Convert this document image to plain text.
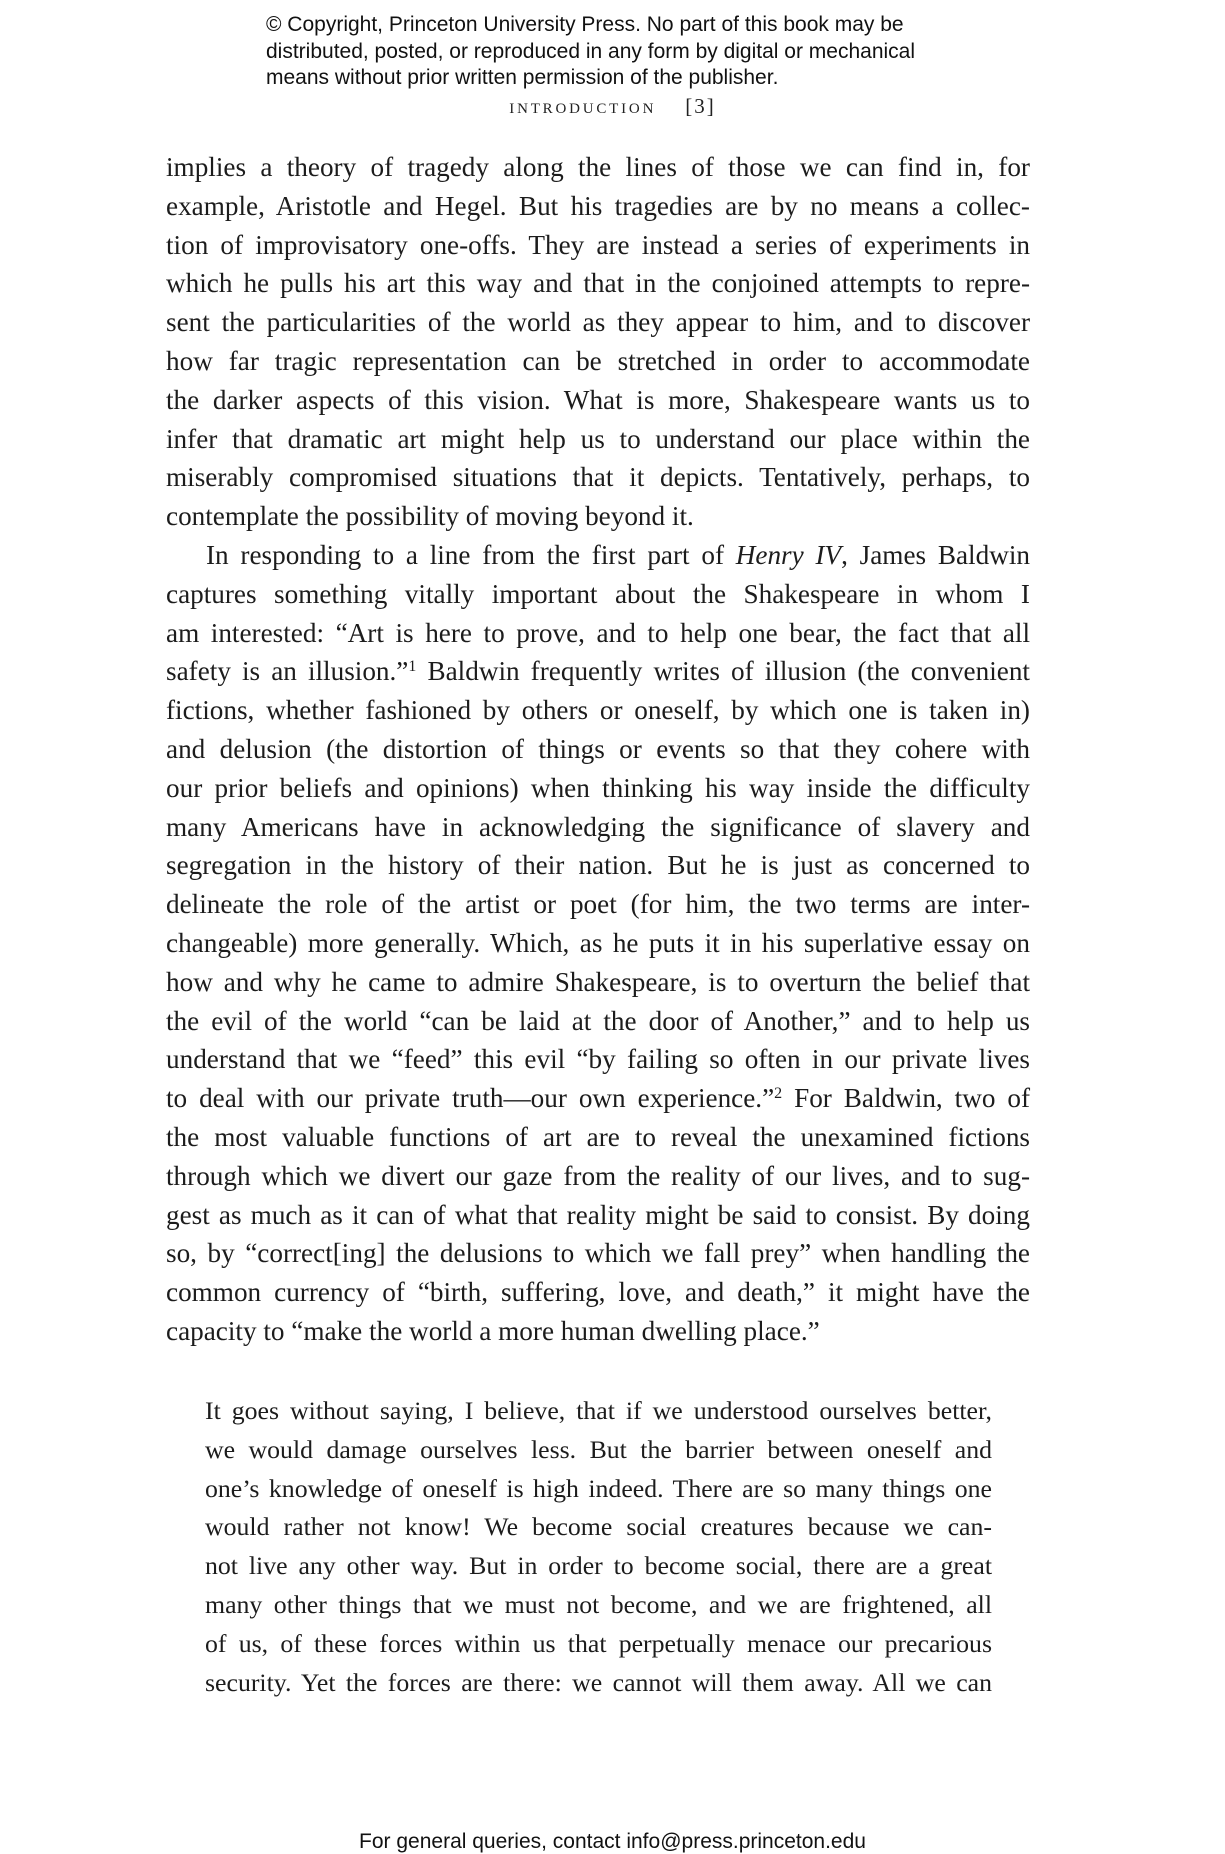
© Copyright, Princeton University Press. No part of this book may be
distributed, posted, or reproduced in any form by digital or mechanical
means without prior written permission of the publisher.
introduction [3]
implies a theory of tragedy along the lines of those we can find in, for
example, Aristotle and Hegel. But his tragedies are by no means a collec-
tion of improvisatory one-offs. They are instead a series of experiments in
which he pulls his art this way and that in the conjoined attempts to repre-
sent the particularities of the world as they appear to him, and to discover
how far tragic representation can be stretched in order to accommodate
the darker aspects of this vision. What is more, Shakespeare wants us to
infer that dramatic art might help us to understand our place within the
miserably compromised situations that it depicts. Tentatively, perhaps, to
contemplate the possibility of moving beyond it.
In responding to a line from the first part of Henry IV, James Baldwin
captures something vitally important about the Shakespeare in whom I
am interested: “Art is here to prove, and to help one bear, the fact that all
safety is an illusion.”$^1$ Baldwin frequently writes of illusion (the convenient
fictions, whether fashioned by others or oneself, by which one is taken in)
and delusion (the distortion of things or events so that they cohere with
our prior beliefs and opinions) when thinking his way inside the difficulty
many Americans have in acknowledging the significance of slavery and
segregation in the history of their nation. But he is just as concerned to
delineate the role of the artist or poet (for him, the two terms are inter-
changeable) more generally. Which, as he puts it in his superlative essay on
how and why he came to admire Shakespeare, is to overturn the belief that
the evil of the world “can be laid at the door of Another,” and to help us
understand that we “feed” this evil “by failing so often in our private lives
to deal with our private truth—our own experience.”$^2$ For Baldwin, two of
the most valuable functions of art are to reveal the unexamined fictions
through which we divert our gaze from the reality of our lives, and to sug-
gest as much as it can of what that reality might be said to consist. By doing
so, by “correct[ing] the delusions to which we fall prey” when handling the
common currency of “birth, suffering, love, and death,” it might have the
capacity to “make the world a more human dwelling place.”
It goes without saying, I believe, that if we understood ourselves better,
we would damage ourselves less. But the barrier between oneself and
one’s knowledge of oneself is high indeed. There are so many things one
would rather not know! We become social creatures because we can-
not live any other way. But in order to become social, there are a great
many other things that we must not become, and we are frightened, all
of us, of these forces within us that perpetually menace our precarious
security. Yet the forces are there: we cannot will them away. All we can
For general queries, contact info@press.princeton.edu
